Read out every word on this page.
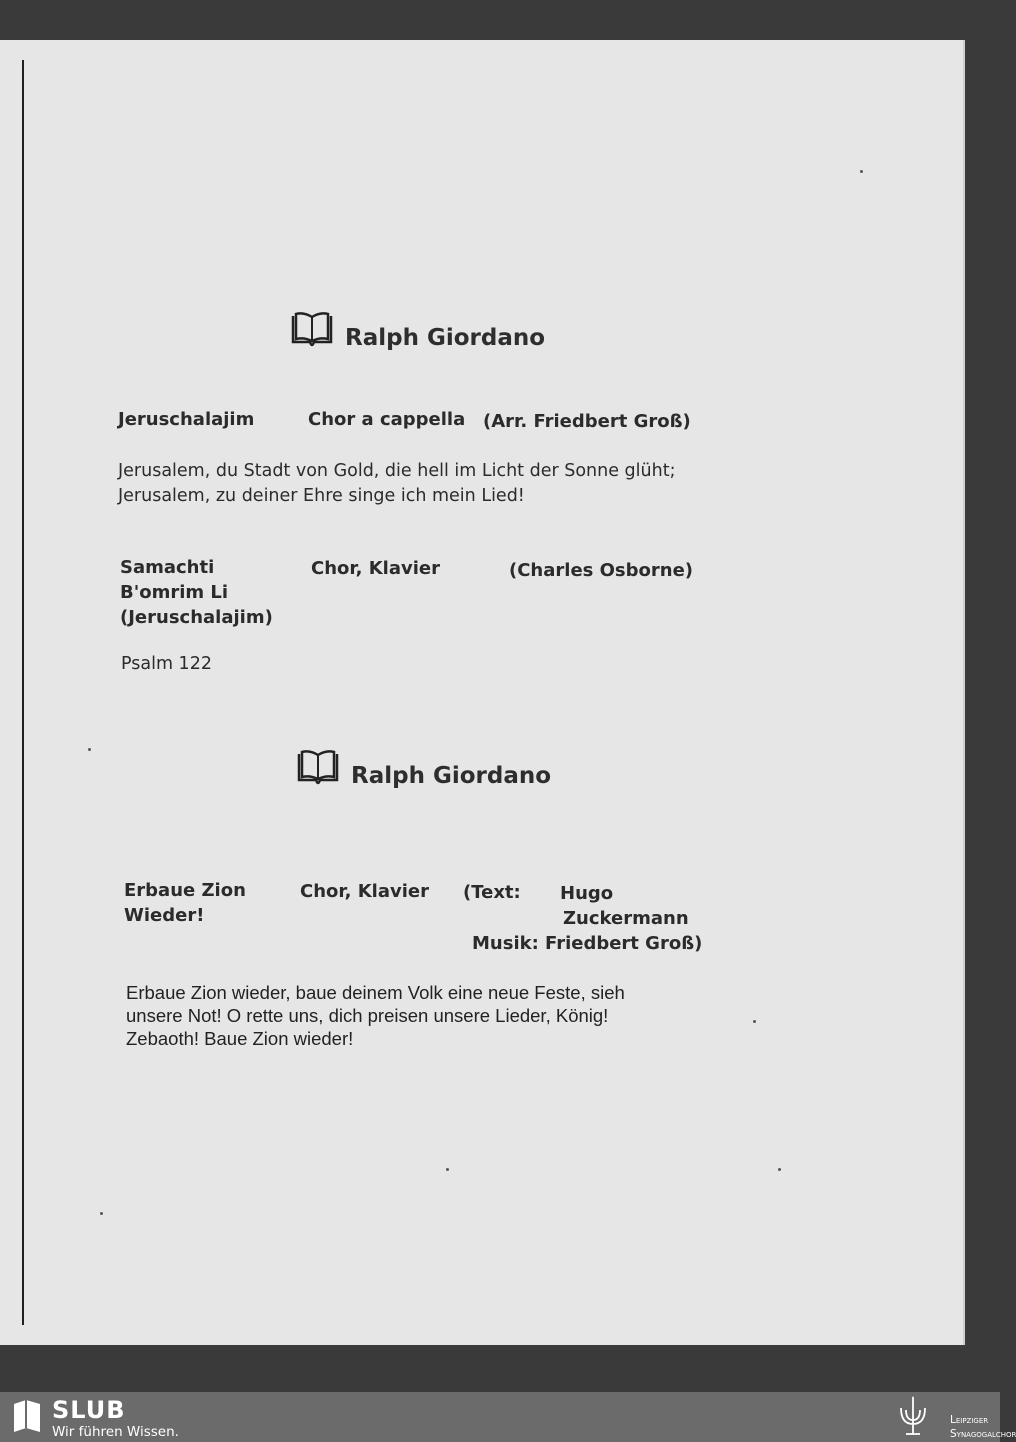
Ralph Giordano
Jeruschalajim	Chor a cappella (Arr. Friedbert Groß)
Jerusalem, du Stadt von Gold, die hell im Licht der Sonne glüht;
Jerusalem, zu deiner Ehre singe ich mein Lied!
Samachti
B'omrim Li
(Jeruschalajim)
Chor, Klavier	(Charles Osborne)
Psalm 122
Ralph Giordano
Erbaue Zion
Wieder!
Chor, Klavier (Text: Hugo
Zuckermann
Musik: Friedbert Groß)
Erbaue Zion wieder, baue deinem Volk eine neue Feste, sieh
unsere Not! O rette uns, dich preisen unsere Lieder, König!
Zebaoth! Baue Zion wieder!
SLUB
Wir führen Wissen.
Leipziger
Synagogalchor
